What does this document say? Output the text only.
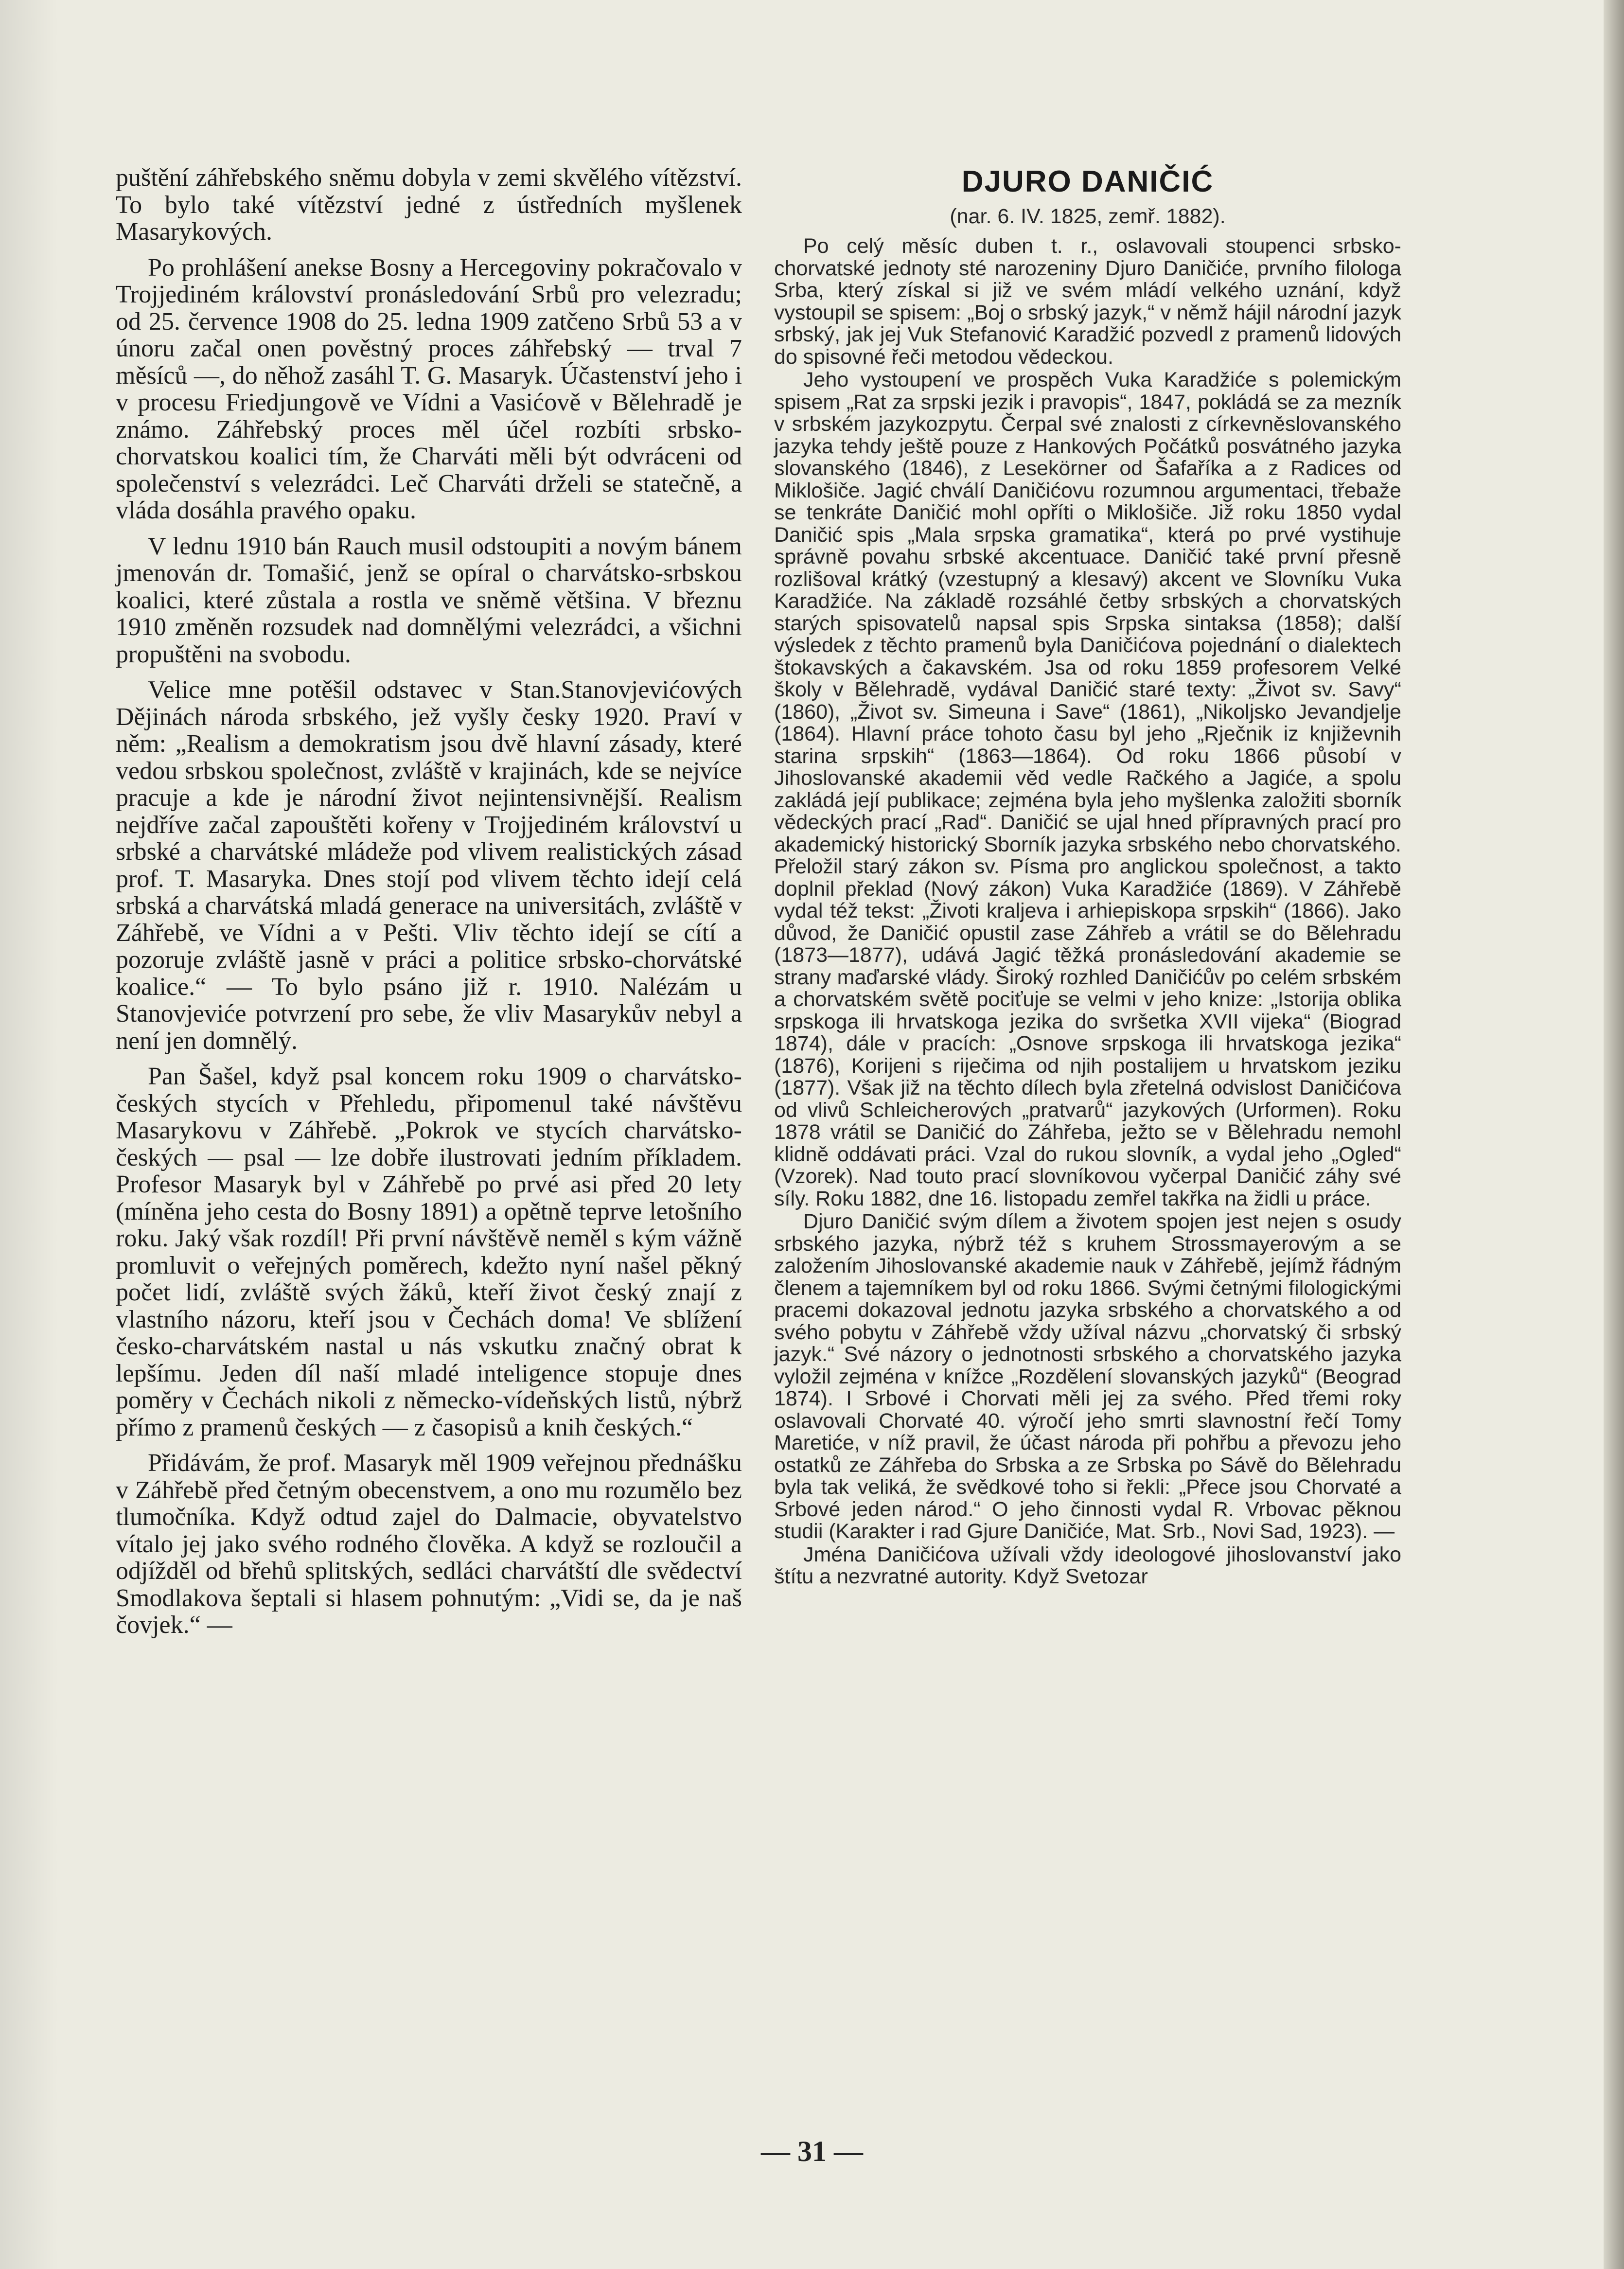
puštění záhřebského sněmu dobyla v zemi skvělého vítězství. To bylo také vítězství jedné z ústředních myšlenek Masarykových.

Po prohlášení anekse Bosny a Hercegoviny pokračovalo v Trojjediném království pronásledování Srbů pro velezradu; od 25. července 1908 do 25. ledna 1909 zatčeno Srbů 53 a v únoru začal onen pověstný proces záhřebský — trval 7 měsíců —, do něhož zasáhl T. G. Masaryk. Účastenství jeho i v procesu Friedjungově ve Vídni a Vasićově v Bělehradě je známo. Záhřebský proces měl účel rozbíti srbsko-chorvatskou koalici tím, že Charváti měli být odvráceni od společenství s velezrádci. Leč Charváti drželi se statečně, a vláda dosáhla pravého opaku.

V lednu 1910 bán Rauch musil odstoupiti a novým bánem jmenován dr. Tomašić, jenž se opíral o charvátsko-srbskou koalici, které zůstala a rostla ve sněmě většina. V březnu 1910 změněn rozsudek nad domnělými velezrádci, a všichni propuštěni na svobodu.

Velice mne potěšil odstavec v Stan.Stanovjevićových Dějinách národa srbského, jež vyšly česky 1920. Praví v něm: „Realism a demokratism jsou dvě hlavní zásady, které vedou srbskou společnost, zvláště v krajinách, kde se nejvíce pracuje a kde je národní život nejintensivnější. Realism nejdříve začal zapouštěti kořeny v Trojjediném království u srbské a charvátské mládeže pod vlivem realistických zásad prof. T. Masaryka. Dnes stojí pod vlivem těchto idejí celá srbská a charvátská mladá generace na universitách, zvláště v Záhřebě, ve Vídni a v Pešti. Vliv těchto idejí se cítí a pozoruje zvláště jasně v práci a politice srbsko-chorvátské koalice.“ — To bylo psáno již r. 1910. Nalézám u Stanovjeviće potvrzení pro sebe, že vliv Masarykův nebyl a není jen domnělý.

Pan Šašel, když psal koncem roku 1909 o charvátsko-českých stycích v Přehledu, připomenul také návštěvu Masarykovu v Záhřebě. „Pokrok ve stycích charvátsko-českých — psal — lze dobře ilustrovati jedním příkladem. Profesor Masaryk byl v Záhřebě po prvé asi před 20 lety (míněna jeho cesta do Bosny 1891) a opětně teprve letošního roku. Jaký však rozdíl! Při první návštěvě neměl s kým vážně promluvit o veřejných poměrech, kdežto nyní našel pěkný počet lidí, zvláště svých žáků, kteří život český znají z vlastního názoru, kteří jsou v Čechách doma! Ve sblížení česko-charvátském nastal u nás vskutku značný obrat k lepšímu. Jeden díl naší mladé inteligence stopuje dnes poměry v Čechách nikoli z německo-vídeňských listů, nýbrž přímo z pramenů českých — z časopisů a knih českých.“

Přidávám, že prof. Masaryk měl 1909 veřejnou přednášku v Záhřebě před četným obecenstvem, a ono mu rozumělo bez tlumočníka. Když odtud zajel do Dalmacie, obyvatelstvo vítalo jej jako svého rodného člověka. A když se rozloučil a odjížděl od břehů splitských, sedláci charvátští dle svědectví Smodlakova šeptali si hlasem pohnutým: „Vidi se, da je naš čovjek.“ —

DJURO DANIČIĆ
(nar. 6. IV. 1825, zemř. 1882).

Po celý měsíc duben t. r., oslavovali stoupenci srbsko-chorvatské jednoty sté narozeniny Djuro Daničiće, prvního filologa Srba, který získal si již ve svém mládí velkého uznání, když vystoupil se spisem: „Boj o srbský jazyk,“ v němž hájil národní jazyk srbský, jak jej Vuk Stefanović Karadžić pozvedl z pramenů lidových do spisovné řeči metodou vědeckou.

Jeho vystoupení ve prospěch Vuka Karadžiće s polemickým spisem „Rat za srpski jezik i pravopis“, 1847, pokládá se za mezník v srbském jazykozpytu. Čerpal své znalosti z církevněslovanského jazyka tehdy ještě pouze z Hankových Počátků posvátného jazyka slovanského (1846), z Lesekörner od Šafaříka a z Radices od Miklošiče. Jagić chválí Daničićovu rozumnou argumentaci, třebaže se tenkráte Daničić mohl opříti o Miklošiče. Již roku 1850 vydal Daničić spis „Mala srpska gramatika“, která po prvé vystihuje správně povahu srbské akcentuace. Daničić také první přesně rozlišoval krátký (vzestupný a klesavý) akcent ve Slovníku Vuka Karadžiće. Na základě rozsáhlé četby srbských a chorvatských starých spisovatelů napsal spis Srpska sintaksa (1858); další výsledek z těchto pramenů byla Daničićova pojednání o dialektech štokavských a čakavském. Jsa od roku 1859 profesorem Velké školy v Bělehradě, vydával Daničić staré texty: „Život sv. Savy“ (1860), „Život sv. Simeuna i Save“ (1861), „Nikoljsko Jevandjelje (1864). Hlavní práce tohoto času byl jeho „Rječnik iz književnih starina srpskih“ (1863—1864). Od roku 1866 působí v Jihoslovanské akademii věd vedle Račkého a Jagiće, a spolu zakládá její publikace; zejména byla jeho myšlenka založiti sborník vědeckých prací „Rad“. Daničić se ujal hned přípravných prací pro akademický historický Sborník jazyka srbského nebo chorvatského. Přeložil starý zákon sv. Písma pro anglickou společnost, a takto doplnil překlad (Nový zákon) Vuka Karadžiće (1869). V Záhřebě vydal též tekst: „Životi kraljeva i arhiepiskopa srpskih“ (1866). Jako důvod, že Daničić opustil zase Záhřeb a vrátil se do Bělehradu (1873—1877), udává Jagić těžká pronásledování akademie se strany maďarské vlády. Široký rozhled Daničićův po celém srbském a chorvatském světě pociťuje se velmi v jeho knize: „Istorija oblika srpskoga ili hrvatskoga jezika do svršetka XVII vijeka“ (Biograd 1874), dále v pracích: „Osnove srpskoga ili hrvatskoga jezika“ (1876), Korijeni s riječima od njih postalijem u hrvatskom jeziku (1877). Však již na těchto dílech byla zřetelná odvislost Daničićova od vlivů Schleicherových „pratvarů“ jazykových (Urformen). Roku 1878 vrátil se Daničić do Záhřeba, ježto se v Bělehradu nemohl klidně oddávati práci. Vzal do rukou slovník, a vydal jeho „Ogled“ (Vzorek). Nad touto prací slovníkovou vyčerpal Daničić záhy své síly. Roku 1882, dne 16. listopadu zemřel takřka na židli u práce.

Djuro Daničić svým dílem a životem spojen jest nejen s osudy srbského jazyka, nýbrž též s kruhem Strossmayerovým a se založením Jihoslovanské akademie nauk v Záhřebě, jejímž řádným členem a tajemníkem byl od roku 1866. Svými četnými filologickými pracemi dokazoval jednotu jazyka srbského a chorvatského a od svého pobytu v Záhřebě vždy užíval názvu „chorvatský či srbský jazyk.“ Své názory o jednotnosti srbského a chorvatského jazyka vyložil zejména v knížce „Rozdělení slovanských jazyků“ (Beograd 1874). I Srbové i Chorvati měli jej za svého. Před třemi roky oslavovali Chorvaté 40. výročí jeho smrti slavnostní řečí Tomy Maretiće, v níž pravil, že účast národa při pohřbu a převozu jeho ostatků ze Záhřeba do Srbska a ze Srbska po Sávě do Bělehradu byla tak veliká, že svědkové toho si řekli: „Přece jsou Chorvaté a Srbové jeden národ.“ O jeho činnosti vydal R. Vrbovac pěknou studii (Karakter i rad Gjure Daničiće, Mat. Srb., Novi Sad, 1923). —

Jména Daničićova užívali vždy ideologové jihoslovanství jako štítu a nezvratné autority. Když Svetozar

— 31 —
